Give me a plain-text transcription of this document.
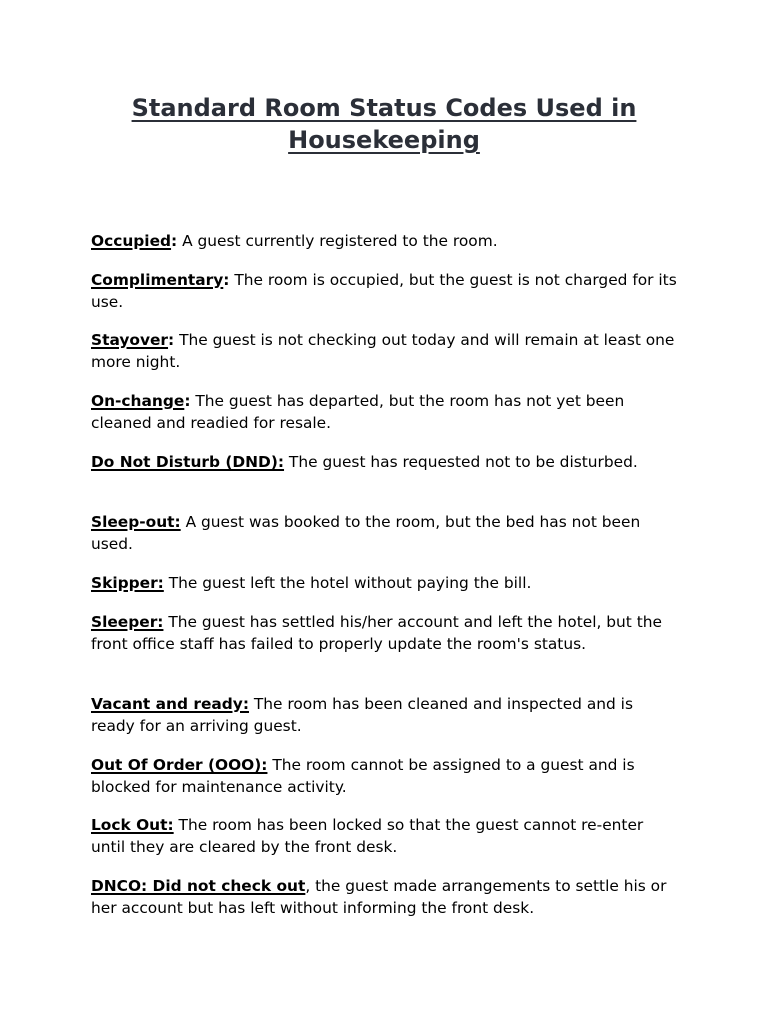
Standard Room Status Codes Used in Housekeeping

Occupied: A guest currently registered to the room.

Complimentary: The room is occupied, but the guest is not charged for its use.

Stayover: The guest is not checking out today and will remain at least one more night.

On-change: The guest has departed, but the room has not yet been cleaned and readied for resale.

Do Not Disturb (DND): The guest has requested not to be disturbed.

Sleep-out: A guest was booked to the room, but the bed has not been used.

Skipper: The guest left the hotel without paying the bill.

Sleeper: The guest has settled his/her account and left the hotel, but the front office staff has failed to properly update the room's status.

Vacant and ready: The room has been cleaned and inspected and is ready for an arriving guest.

Out Of Order (OOO): The room cannot be assigned to a guest and is blocked for maintenance activity.

Lock Out: The room has been locked so that the guest cannot re-enter until they are cleared by the front desk.

DNCO: Did not check out, the guest made arrangements to settle his or her account but has left without informing the front desk.
